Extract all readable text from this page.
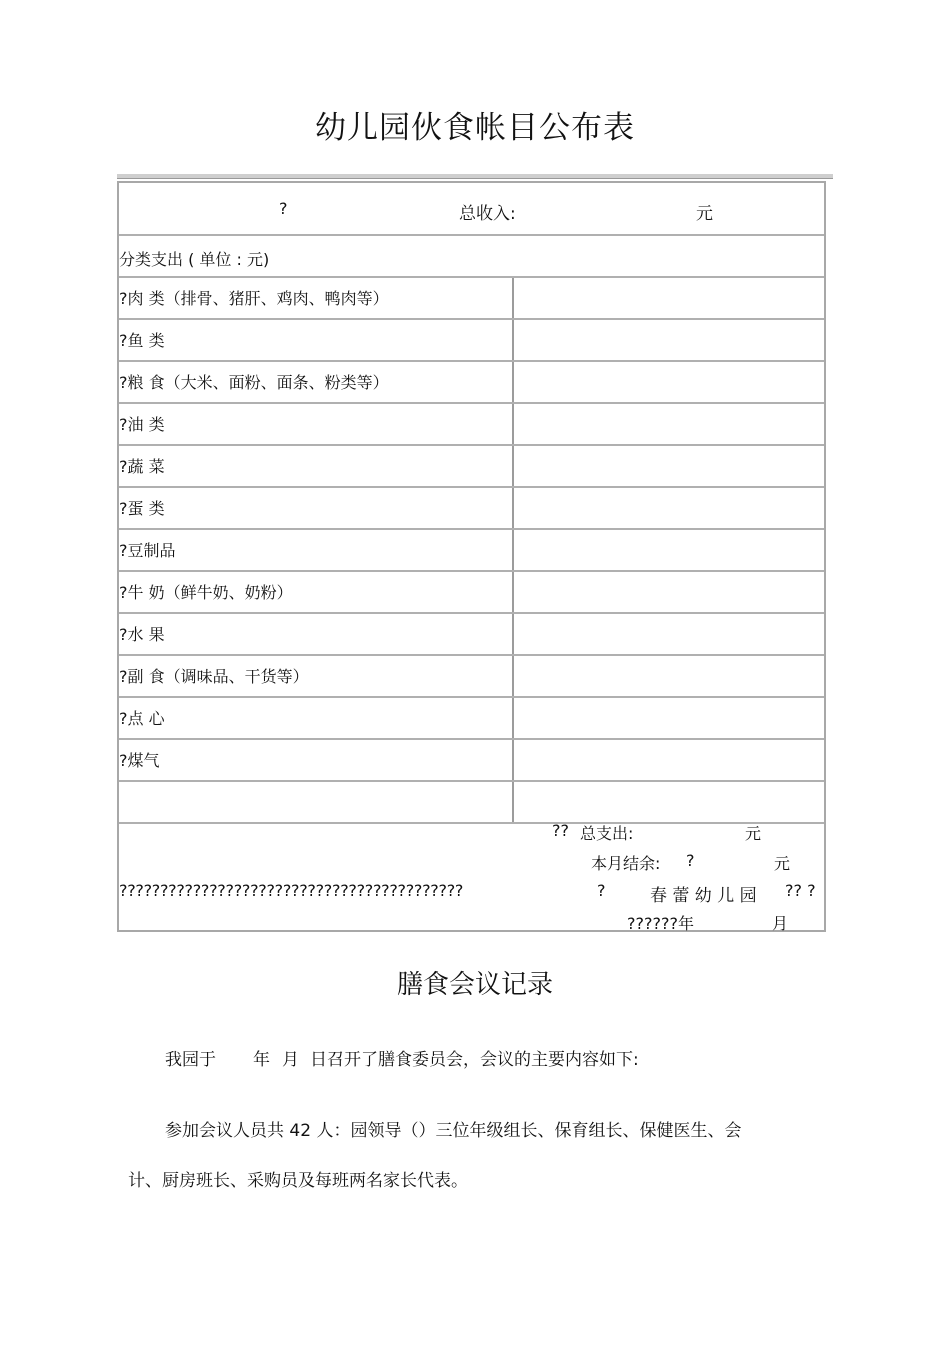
幼儿园伙食帐目公布表
?	总收入:	元
分类支出 ( 单位 : 元)
?肉 类（排骨、猪肝、鸡肉、鸭肉等）
?鱼 类
?粮 食（大米、面粉、面条、粉类等）
?油 类
?蔬 菜
?蛋 类
?豆制品
?牛 奶（鲜牛奶、奶粉）
?水 果
?副 食（调味品、干货等）
?点 心
?煤气
?? 总支出:	元
本月结余: ?	元
??????????????????????????????????????????	?	春 蕾 幼 儿 园 ?? ?
??????年	月
膳食会议记录
我园于 年 月 日召开了膳食委员会，会议的主要内容如下:
参加会议人员共 42 人：园领导（）三位年级组长、保育组长、保健医生、会
计、厨房班长、采购员及每班两名家长代表。
